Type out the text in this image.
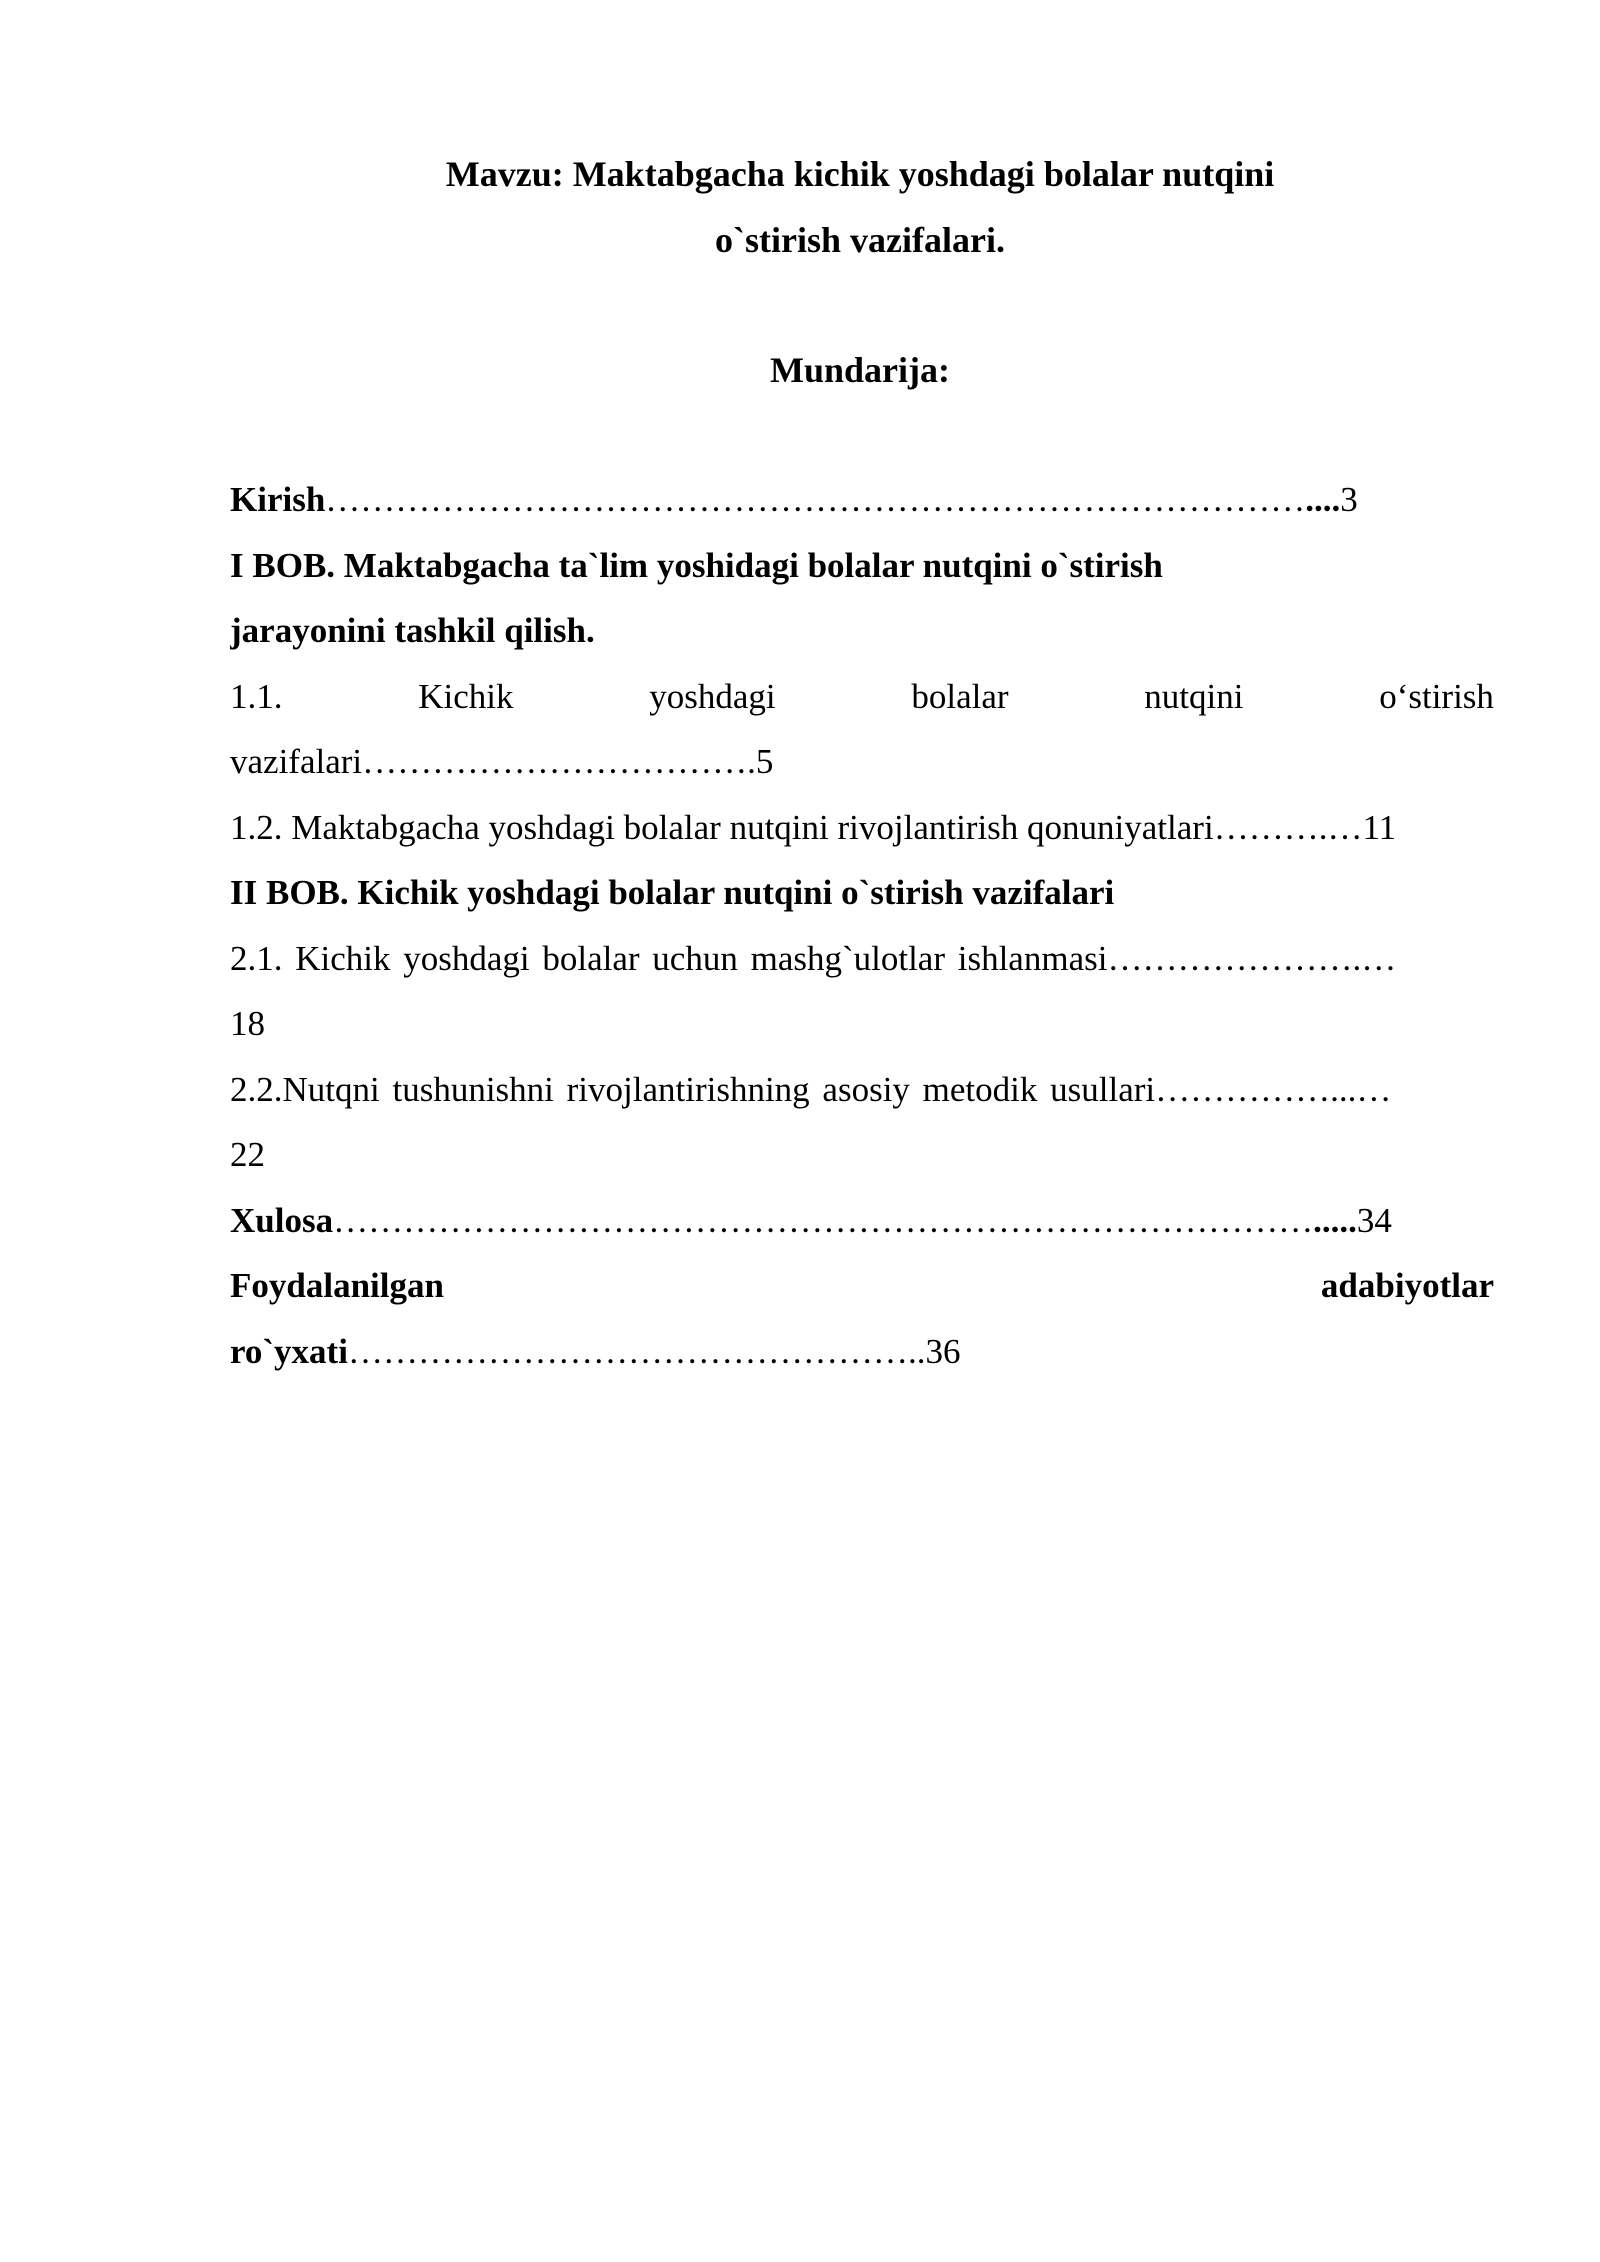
Mavzu: Maktabgacha kichik yoshdagi bolalar nutqini
o`stirish vazifalari.
Mundarija:
Kirish…………………………………………………………………………....3
I BOB. Maktabgacha ta`lim yoshidagi bolalar nutqini o`stirish
jarayonini tashkil qilish.
1.1.	Kichik	yoshdagi	bolalar	nutqini	o‘stirish
vazifalari…………………………….5
1.2. Maktabgacha yoshdagi bolalar nutqini rivojlantirish qonuniyatlari……….…11
II BOB. Kichik yoshdagi bolalar nutqini o`stirish vazifalari
2.1. Kichik yoshdagi bolalar uchun mashg`ulotlar ishlanmasi………………….…
18
2.2.Nutqni tushunishni rivojlantirishning asosiy metodik usullari……………...…
22
Xulosa………………………………………………………………………….....34
Foydalanilgan	adabiyotlar
ro`yxati…………………………………………..36
